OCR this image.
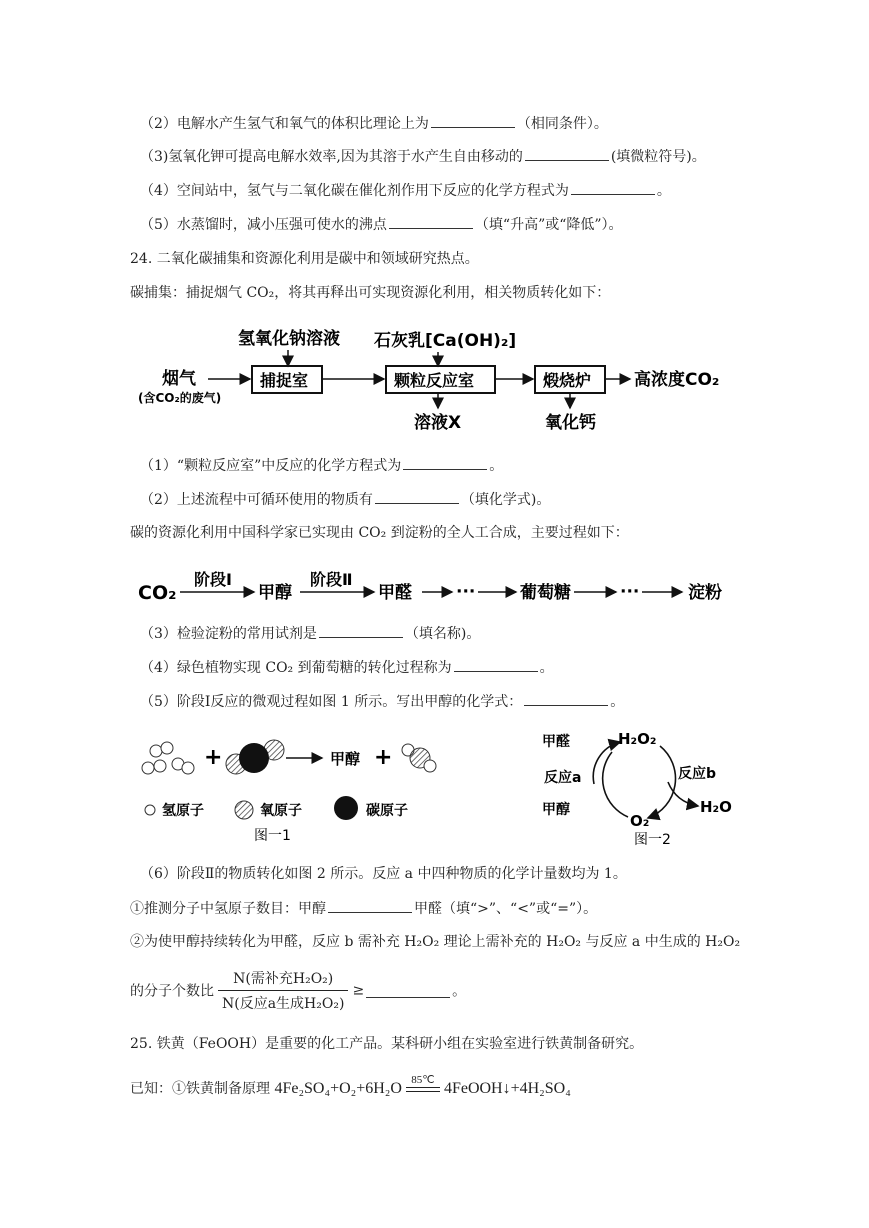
（2）电解水产生氢气和氧气的体积比理论上为	（相同条件）。
（3)氢氧化钾可提高电解水效率,因为其溶于水产生自由移动的	(填微粒符号)。
（4）空间站中，氢气与二氧化碳在催化剂作用下反应的化学方程式为	。
（5）水蒸馏时，减小压强可使水的沸点	（填“升高”或“降低”）。
24. 二氧化碳捕集和资源化利用是碳中和领域研究热点。
碳捕集：捕捉烟气 CO₂，将其再释出可实现资源化利用，相关物质转化如下：
氢氧化钠溶液 石灰乳[Ca(OH)₂]
烟气
(含CO₂的废气)
捕捉室	颗粒反应室	煅烧炉	高浓度CO₂
溶液X	氧化钙
（1）“颗粒反应室”中反应的化学方程式为	。
（2）上述流程中可循环使用的物质有	（填化学式)。
碳的资源化利用中国科学家已实现由 CO₂ 到淀粉的全人工合成，主要过程如下：
CO₂
阶段Ⅰ
甲醇
阶段Ⅱ
甲醛	···	葡萄糖	···	淀粉
（3）检验淀粉的常用试剂是	（填名称)。
（4）绿色植物实现 CO₂ 到葡萄糖的转化过程称为	。
（5）阶段Ⅰ反应的微观过程如图 1 所示。写出甲醇的化学式：	。
+	甲醇 +
氢原子	氧原子	碳原子
图一1
甲醛	H₂O₂
反应a	反应b
甲醇
O₂
H₂O
图一2
（6）阶段Ⅱ的物质转化如图 2 所示。反应 a 中四种物质的化学计量数均为 1。
①推测分子中氢原子数目：甲醇	甲醛（填“>”、“<”或“=”）。
②为使甲醇持续转化为甲醛，反应 b 需补充 H₂O₂ 理论上需补充的 H₂O₂ 与反应 a 中生成的 H₂O₂
的分子个数比 $\frac{\text{N(需补充H₂O₂)}}{\text{N(反应a生成H₂O₂)}}$ ≥	。
25. 铁黄（FeOOH）是重要的化工产品。某科研小组在实验室进行铁黄制备研究。
已知：①铁黄制备原理 4Fe₂SO₄+O₂+6H₂O
85℃
4FeOOH↓+4H₂SO₄
